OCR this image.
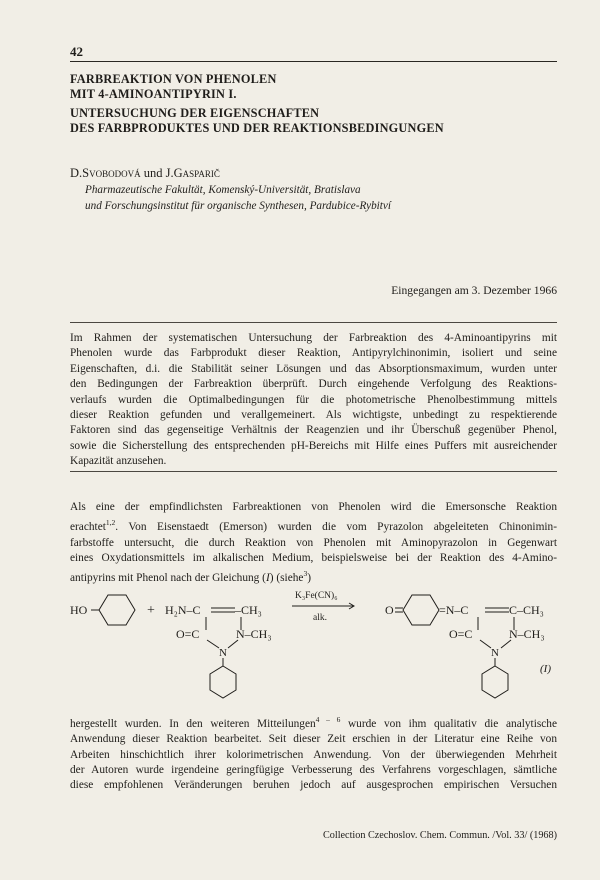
42
FARBREAKTION VON PHENOLEN
MIT 4-AMINOANTIPYRIN I.
UNTERSUCHUNG DER EIGENSCHAFTEN
DES FARBPRODUKTES UND DER REAKTIONSBEDINGUNGEN
D.Svobodová und J.Gasparič
Pharmazeutische Fakultät, Komenský-Universität, Bratislava
und Forschungsinstitut für organische Synthesen, Pardubice-Rybitví
Eingegangen am 3. Dezember 1966
Im Rahmen der systematischen Untersuchung der Farbreaktion des 4-Aminoantipyrins mit
Phenolen wurde das Farbprodukt dieser Reaktion, Antipyrylchinonimin, isoliert und seine
Eigenschaften, d.i. die Stabilität seiner Lösungen und das Absorptionsmaximum, wurden unter
den Bedingungen der Farbreaktion überprüft. Durch eingehende Verfolgung des Reaktions-
verlaufs wurden die Optimalbedingungen für die photometrische Phenolbestimmung mittels
dieser Reaktion gefunden und verallgemeinert. Als wichtigste, unbedingt zu respektierende
Faktoren sind das gegenseitige Verhältnis der Reagenzien und ihr Überschuß gegenüber Phenol,
sowie die Sicherstellung des entsprechenden pH-Bereichs mit Hilfe eines Puffers mit ausreichender
Kapazität anzusehen.
Als eine der empfindlichsten Farbreaktionen von Phenolen wird die Emersonsche Reaktion
erachtet$^{1,2}$. Von Eisenstaedt (Emerson) wurden die vom Pyrazolon abgeleiteten Chinonimin-
farbstoffe untersucht, die durch Reaktion von Phenolen mit Aminopyrazolon in Gegenwart
eines Oxydationsmittels im alkalischen Medium, beispielsweise bei der Reaktion des 4-Amino-
antipyrins mit Phenol nach der Gleichung (I) (siehe$^3$)
HO	+ H₂N–C	–CH₃
O=C	N–CH₃
N
K₃Fe(CN)₆
alk.
O	=N–C	C–CH₃
O=C	N–CH₃
N
(I)
hergestellt wurden. In den weiteren Mitteilungen$^{4 - 6}$ wurde von ihm qualitativ die analytische
Anwendung dieser Reaktion bearbeitet. Seit dieser Zeit erschien in der Literatur eine Reihe von
Arbeiten hinschichtlich ihrer kolorimetrischen Anwendung. Von der überwiegenden Mehrheit
der Autoren wurde irgendeine geringfügige Verbesserung des Verfahrens vorgeschlagen, sämtliche
diese empfohlenen Veränderungen beruhen jedoch auf ausgesprochen empirischen Versuchen
Collection Czechoslov. Chem. Commun. /Vol. 33/ (1968)
